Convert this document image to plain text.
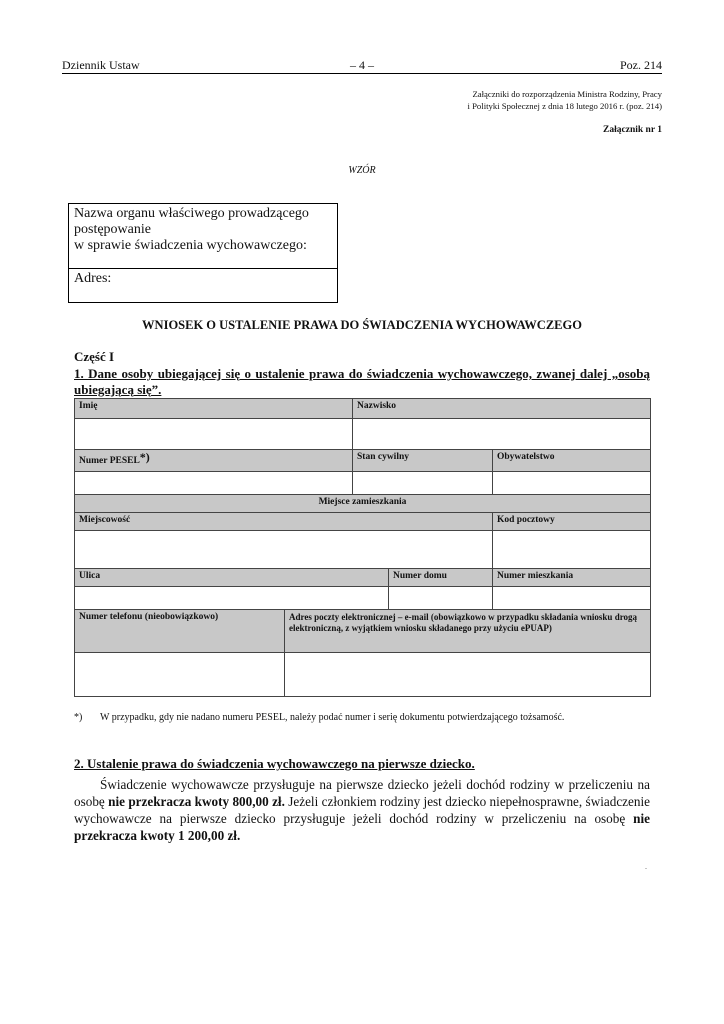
Dziennik Ustaw	– 4 –	Poz. 214
Załączniki do rozporządzenia Ministra Rodziny, Pracy
i Polityki Społecznej z dnia 18 lutego 2016 r. (poz. 214)
Załącznik nr 1
WZÓR
Nazwa organu właściwego prowadzącego
postępowanie
w sprawie świadczenia wychowawczego:
Adres:
WNIOSEK O USTALENIE PRAWA DO ŚWIADCZENIA WYCHOWAWCZEGO
Część I
1. Dane osoby ubiegającej się o ustalenie prawa do świadczenia wychowawczego, zwanej dalej „osobą ubiegającą się”.
Imię		Nazwisko		

Numer PESEL*)		Stan cywilny		Obywatelstwo

Miejsce zamieszkania				
Miejscowość				Kod pocztowy

Ulica			Numer domu	Numer mieszkania

Numer telefonu (nieobowiązkowo)	Adres poczty elektronicznej – e-mail (obowiązkowo w przypadku składania wniosku drogą elektroniczną, z wyjątkiem wniosku składanego przy użyciu ePUAP)			

*) W przypadku, gdy nie nadano numeru PESEL, należy podać numer i serię dokumentu potwierdzającego tożsamość.
2. Ustalenie prawa do świadczenia wychowawczego na pierwsze dziecko.

Świadczenie wychowawcze przysługuje na pierwsze dziecko jeżeli dochód rodziny w przeliczeniu na osobę nie przekracza kwoty 800,00 zł. Jeżeli członkiem rodziny jest dziecko niepełnosprawne, świadczenie wychowawcze na pierwsze dziecko przysługuje jeżeli dochód rodziny w przeliczeniu na osobę nie przekracza kwoty 1 200,00 zł.

.
